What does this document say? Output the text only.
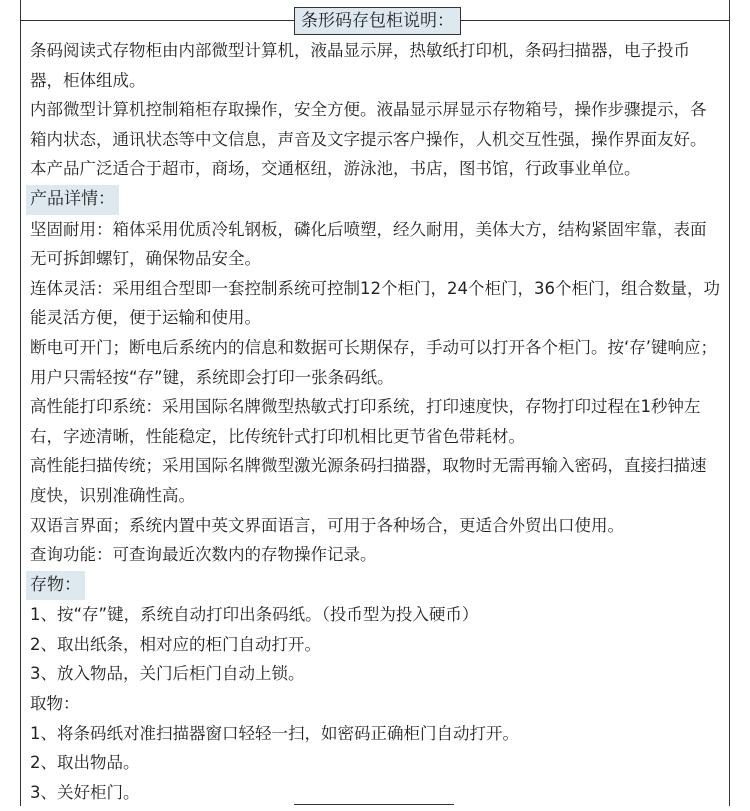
条形码存包柜说明：

条码阅读式存物柜由内部微型计算机，液晶显示屏，热敏纸打印机，条码扫描器，电子投币器，柜体组成。

内部微型计算机控制箱柜存取操作，安全方便。液晶显示屏显示存物箱号，操作步骤提示，各箱内状态，通讯状态等中文信息，声音及文字提示客户操作，人机交互性强，操作界面友好。

本产品广泛适合于超市，商场，交通枢纽，游泳池，书店，图书馆，行政事业单位。

产品详情：

坚固耐用：箱体采用优质冷轧钢板，磷化后喷塑，经久耐用，美体大方，结构紧固牢靠，表面无可拆卸螺钉，确保物品安全。

连体灵活：采用组合型即一套控制系统可控制12个柜门，24个柜门，36个柜门，组合数量，功能灵活方便，便于运输和使用。

断电可开门；断电后系统内的信息和数据可长期保存，手动可以打开各个柜门。按‘存’键响应；用户只需轻按“存”键，系统即会打印一张条码纸。

高性能打印系统：采用国际名牌微型热敏式打印系统，打印速度快，存物打印过程在1秒钟左右，字迹清晰，性能稳定，比传统针式打印机相比更节省色带耗材。

高性能扫描传统；采用国际名牌微型激光源条码扫描器，取物时无需再输入密码，直接扫描速度快，识别准确性高。

双语言界面；系统内置中英文界面语言，可用于各种场合，更适合外贸出口使用。

查询功能：可查询最近次数内的存物操作记录。

存物：

1、按“存”键，系统自动打印出条码纸。（投币型为投入硬币）

2、取出纸条，相对应的柜门自动打开。

3、放入物品，关门后柜门自动上锁。

取物：

1、将条码纸对准扫描器窗口轻轻一扫，如密码正确柜门自动打开。

2、取出物品。

3、关好柜门。
